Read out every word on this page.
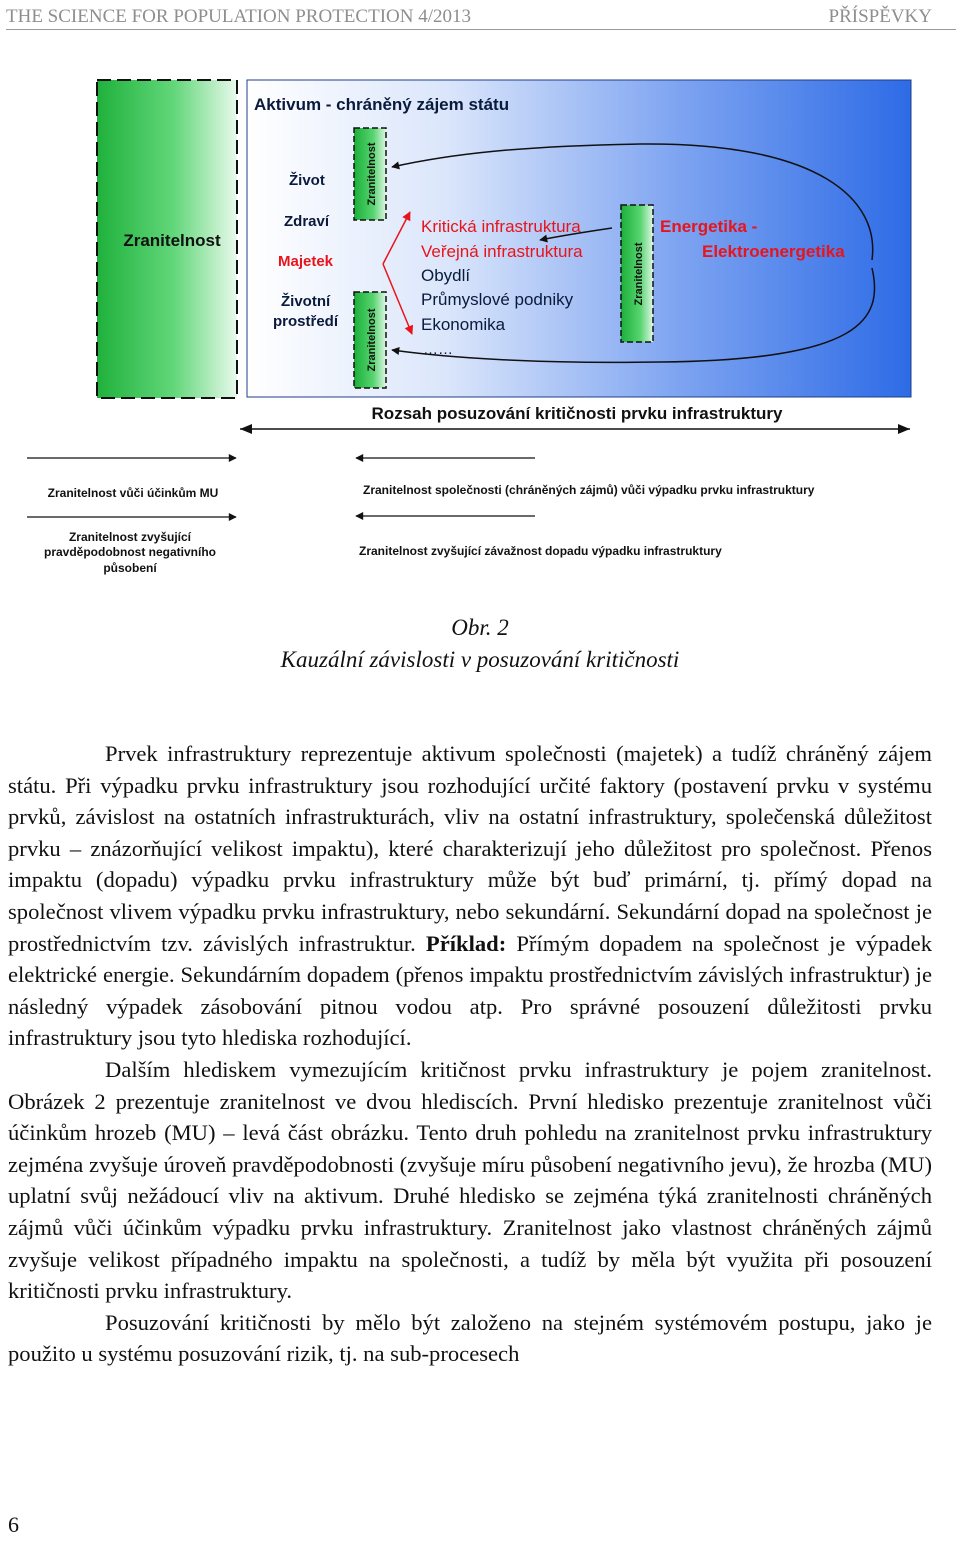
THE SCIENCE FOR POPULATION PROTECTION 4/2013	PŘÍSPĚVKY
Zranitelnost
Aktivum - chráněný zájem státu
Život
Zdraví
Majetek
Životní
prostředí
Zranitelnost
Zranitelnost
Zranitelnost
Kritická infrastruktura
Veřejná infrastruktura
Obydlí
Průmyslové podniky
Ekonomika
……
Energetika -
Elektroenergetika
Rozsah posuzování kritičnosti prvku infrastruktury
Zranitelnost vůči účinkům MU
Zranitelnost zvyšující
pravděpodobnost negativního
působení
Zranitelnost společnosti (chráněných zájmů) vůči výpadku prvku infrastruktury
Zranitelnost zvyšující závažnost dopadu výpadku infrastruktury
Obr. 2
Kauzální závislosti v posuzování kritičnosti

Prvek infrastruktury reprezentuje aktivum společnosti (majetek) a tudíž chráněný zájem státu. Při výpadku prvku infrastruktury jsou rozhodující určité faktory (postavení prvku v systému prvků, závislost na ostatních infrastrukturách, vliv na ostatní infrastruktury, společenská důležitost prvku – znázorňující velikost impaktu), které charakterizují jeho důležitost pro společnost. Přenos impaktu (dopadu) výpadku prvku infrastruktury může být buď primární, tj. přímý dopad na společnost vlivem výpadku prvku infrastruktury, nebo sekundární. Sekundární dopad na společnost je prostřednictvím tzv. závislých infrastruktur. Příklad: Přímým dopadem na společnost je výpadek elektrické energie. Sekundárním dopadem (přenos impaktu prostřednictvím závislých infrastruktur) je následný výpadek zásobování pitnou vodou atp. Pro správné posouzení důležitosti prvku infrastruktury jsou tyto hlediska rozhodující.

Dalším hlediskem vymezujícím kritičnost prvku infrastruktury je pojem zranitelnost. Obrázek 2 prezentuje zranitelnost ve dvou hlediscích. První hledisko prezentuje zranitelnost vůči účinkům hrozeb (MU) – levá část obrázku. Tento druh pohledu na zranitelnost prvku infrastruktury zejména zvyšuje úroveň pravděpodobnosti (zvyšuje míru působení negativního jevu), že hrozba (MU) uplatní svůj nežádoucí vliv na aktivum. Druhé hledisko se zejména týká zranitelnosti chráněných zájmů vůči účinkům výpadku prvku infrastruktury. Zranitelnost jako vlastnost chráněných zájmů zvyšuje velikost případného impaktu na společnosti, a tudíž by měla být využita při posouzení kritičnosti prvku infrastruktury.

Posuzování kritičnosti by mělo být založeno na stejném systémovém postupu, jako je použito u systému posuzování rizik, tj. na sub-procesech

6
